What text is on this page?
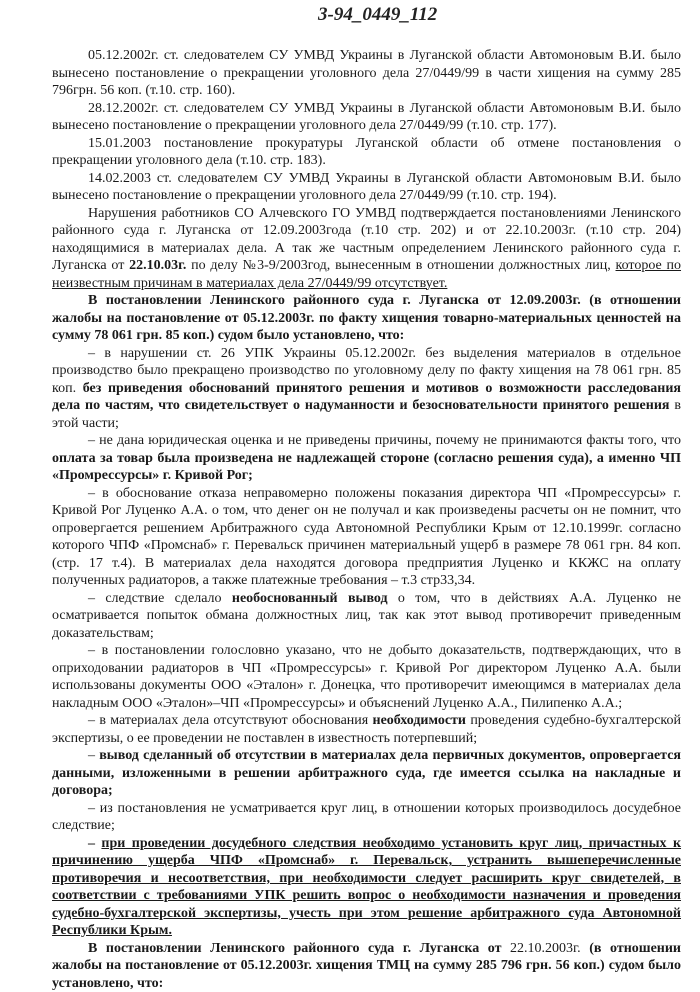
3-94_0449_112

05.12.2002г. ст. следователем СУ УМВД Украины в Луганской области Автомоновым В.И. было вынесено постановление о прекращении уголовного дела 27/0449/99 в части хищения на сумму 285 796грн. 56 коп. (т.10. стр. 160).

28.12.2002г. ст. следователем СУ УМВД Украины в Луганской области Автомоновым В.И. было вынесено постановление о прекращении уголовного дела 27/0449/99 (т.10. стр. 177).

15.01.2003 постановление прокуратуры Луганской области об отмене постановления о прекращении уголовного дела (т.10. стр. 183).

14.02.2003 ст. следователем СУ УМВД Украины в Луганской области Автомоновым В.И. было вынесено постановление о прекращении уголовного дела 27/0449/99 (т.10. стр. 194).

Нарушения работников СО Алчевского ГО УМВД подтверждается постановлениями Ленинского районного суда г. Луганска от 12.09.2003года (т.10 стр. 202) и от 22.10.2003г. (т.10 стр. 204) находящимися в материалах дела. А так же частным определением Ленинского районного суда г. Луганска от 22.10.03г. по делу №3-9/2003год, вынесенным в отношении должностных лиц, которое по неизвестным причинам в материалах дела 27/0449/99 отсутствует.

В постановлении Ленинского районного суда г. Луганска от 12.09.2003г. (в отношении жалобы на постановление от 05.12.2003г. по факту хищения товарно-материальных ценностей на сумму 78 061 грн. 85 коп.) судом было установлено, что:

– в нарушении ст. 26 УПК Украины 05.12.2002г. без выделения материалов в отдельное производство было прекращено производство по уголовному делу по факту хищения на 78 061 грн. 85 коп. без приведения обоснований принятого решения и мотивов о возможности расследования дела по частям, что свидетельствует о надуманности и безосновательности принятого решения в этой части;

– не дана юридическая оценка и не приведены причины, почему не принимаются факты того, что оплата за товар была произведена не надлежащей стороне (согласно решения суда), а именно ЧП «Промрессурсы» г. Кривой Рог;

– в обоснование отказа неправомерно положены показания директора ЧП «Промрессурсы» г. Кривой Рог Луценко А.А. о том, что денег он не получал и как произведены расчеты он не помнит, что опровергается решением Арбитражного суда Автономной Республики Крым от 12.10.1999г. согласно которого ЧПФ «Промснаб» г. Перевальск причинен материальный ущерб в размере 78 061 грн. 84 коп. (стр. 17 т.4). В материалах дела находятся договора предприятия Луценко и ККЖС на оплату полученных радиаторов, а также платежные требования – т.3 стр33,34.

– следствие сделало необоснованный вывод о том, что в действиях А.А. Луценко не осматривается попыток обмана должностных лиц, так как этот вывод противоречит приведенным доказательствам;

– в постановлении голословно указано, что не добыто доказательств, подтверждающих, что в оприходовании радиаторов в ЧП «Промрессурсы» г. Кривой Рог директором Луценко А.А. были использованы документы ООО «Эталон» г. Донецка, что противоречит имеющимся в материалах дела накладным ООО «Эталон»–ЧП «Промрессурсы» и объяснений Луценко А.А., Пилипенко А.А.;

– в материалах дела отсутствуют обоснования необходимости проведения судебно-бухгалтерской экспертизы, о ее проведении не поставлен в известность потерпевший;

– вывод сделанный об отсутствии в материалах дела первичных документов, опровергается данными, изложенными в решении арбитражного суда, где имеется ссылка на накладные и договора;

– из постановления не усматривается круг лиц, в отношении которых производилось досудебное следствие;

– при проведении досудебного следствия необходимо установить круг лиц, причастных к причинению ущерба ЧПФ «Промснаб» г. Перевальск, устранить вышеперечисленные противоречия и несоответствия, при необходимости следует расширить круг свидетелей, в соответствии с требованиями УПК решить вопрос о необходимости назначения и проведения судебно-бухгалтерской экспертизы, учесть при этом решение арбитражного суда Автономной Республики Крым.

В постановлении Ленинского районного суда г. Луганска от 22.10.2003г. (в отношении жалобы на постановление от 05.12.2003г. хищения ТМЦ на сумму 285 796 грн. 56 коп.) судом было установлено, что:
